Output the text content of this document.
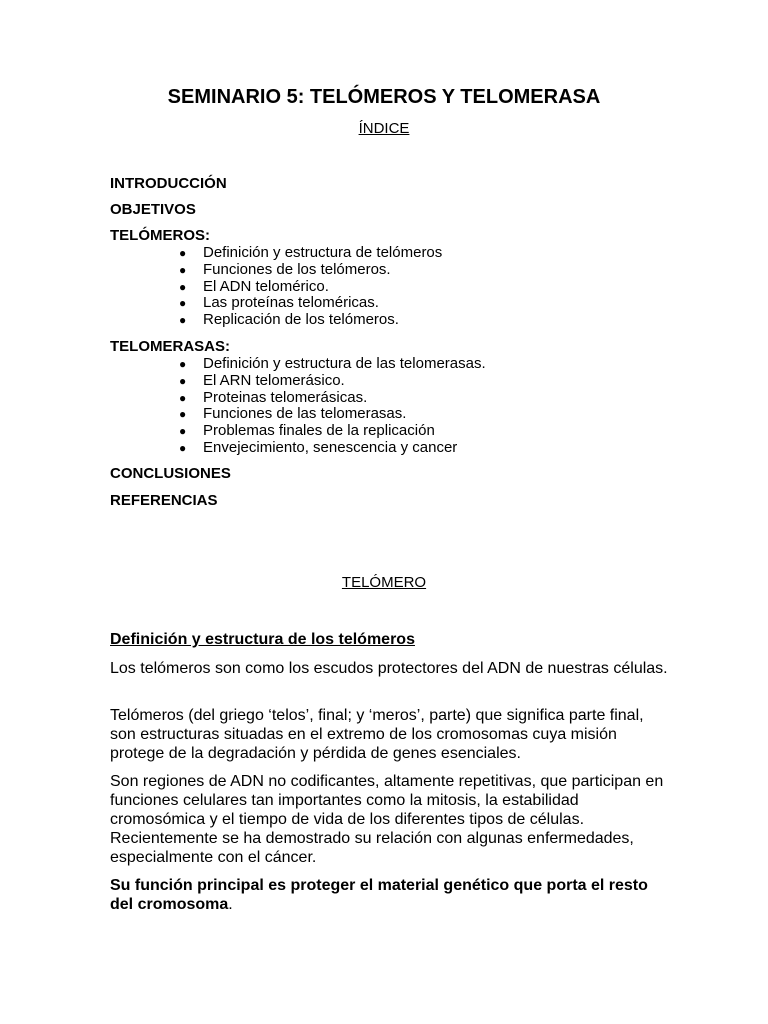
SEMINARIO 5: TELÓMEROS Y TELOMERASA
ÍNDICE
INTRODUCCIÓN
OBJETIVOS
TELÓMEROS:
● Definición y estructura de telómeros
● Funciones de los telómeros.
● El ADN telomérico.
● Las proteínas teloméricas.
● Replicación de los telómeros.
TELOMERASAS:
● Definición y estructura de las telomerasas.
● El ARN telomerásico.
● Proteinas telomerásicas.
● Funciones de las telomerasas.
● Problemas finales de la replicación
● Envejecimiento, senescencia y cancer
CONCLUSIONES
REFERENCIAS
TELÓMERO
Definición y estructura de los telómeros

Los telómeros son como los escudos protectores del ADN de nuestras células.

Telómeros (del griego ‘telos’, final; y ‘meros’, parte) que significa parte final, son estructuras situadas en el extremo de los cromosomas cuya misión protege de la degradación y pérdida de genes esenciales.

Son regiones de ADN no codificantes, altamente repetitivas, que participan en funciones celulares tan importantes como la mitosis, la estabilidad cromosómica y el tiempo de vida de los diferentes tipos de células. Recientemente se ha demostrado su relación con algunas enfermedades, especialmente con el cáncer.

Su función principal es proteger el material genético que porta el resto del cromosoma.
